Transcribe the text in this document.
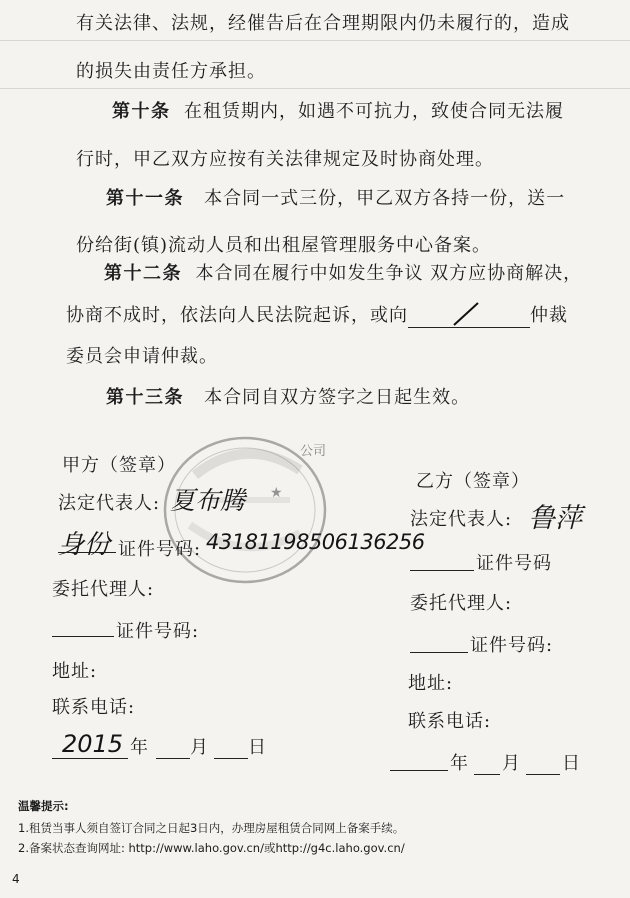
有关法律、法规，经催告后在合理期限内仍未履行的，造成
的损失由责任方承担。
第十条 在租赁期内，如遇不可抗力，致使合同无法履
行时，甲乙双方应按有关法律规定及时协商处理。
第十一条 本合同一式三份，甲乙双方各持一份，送一
份给街(镇)流动人员和出租屋管理服务中心备案。
第十二条 本合同在履行中如发生争议 双方应协商解决，
协商不成时，依法向人民法院起诉，或向	仲裁
委员会申请仲裁。
第十三条 本合同自双方签字之日起生效。
公司
★
甲方（签章）
法定代表人: 夏布腾
身份 证件号码: 43181198506136256
委托代理人:
证件号码:
地址:
联系电话:
2015 年 月 日
乙方（签章）
法定代表人: 鲁萍
证件号码
委托代理人:
证件号码:
地址:
联系电话:
年 月 日
温馨提示:
1.租赁当事人须自签订合同之日起3日内，办理房屋租赁合同网上备案手续。
2.备案状态查询网址: http://www.laho.gov.cn/或http://g4c.laho.gov.cn/
4
